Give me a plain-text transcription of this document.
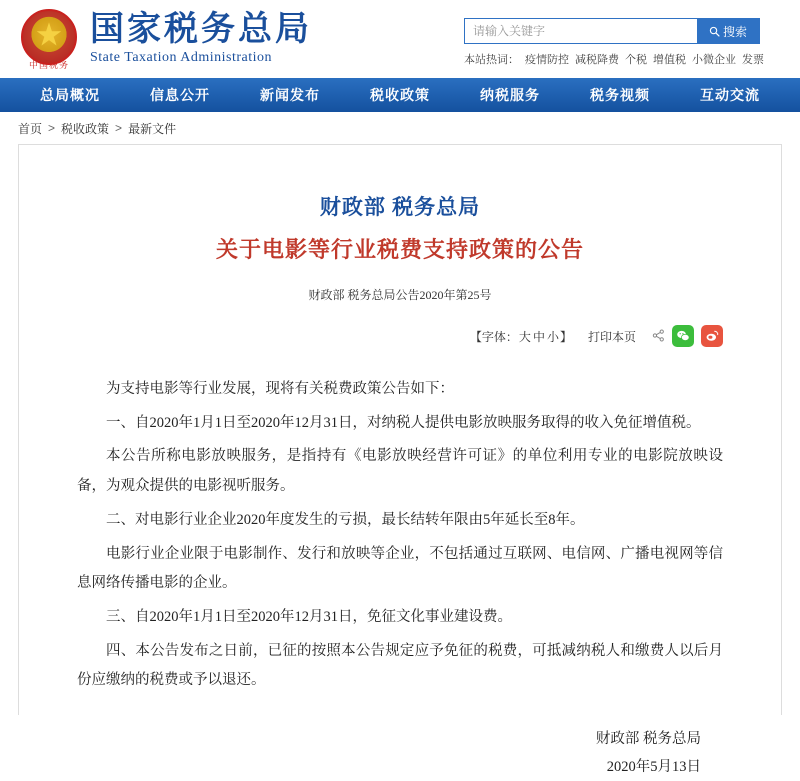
★
中国税务
国家税务总局
State Taxation Administration
请输入关键字
搜索
本站热词： 疫情防控 减税降费 个税 增值税 小微企业 发票
总局概况	信息公开	新闻发布	税收政策	纳税服务	税务视频	互动交流
首页 > 税收政策 > 最新文件
财政部 税务总局
关于电影等行业税费支持政策的公告
财政部 税务总局公告2020年第25号
【字体：大 中 小】 打印本页

为支持电影等行业发展，现将有关税费政策公告如下：

一、自2020年1月1日至2020年12月31日，对纳税人提供电影放映服务取得的收入免征增值税。

本公告所称电影放映服务，是指持有《电影放映经营许可证》的单位利用专业的电影院放映设备，为观众提供的电影视听服务。

二、对电影行业企业2020年度发生的亏损，最长结转年限由5年延长至8年。

电影行业企业限于电影制作、发行和放映等企业，不包括通过互联网、电信网、广播电视网等信息网络传播电影的企业。

三、自2020年1月1日至2020年12月31日，免征文化事业建设费。

四、本公告发布之日前，已征的按照本公告规定应予免征的税费，可抵减纳税人和缴费人以后月份应缴纳的税费或予以退还。

财政部 税务总局
2020年5月13日
